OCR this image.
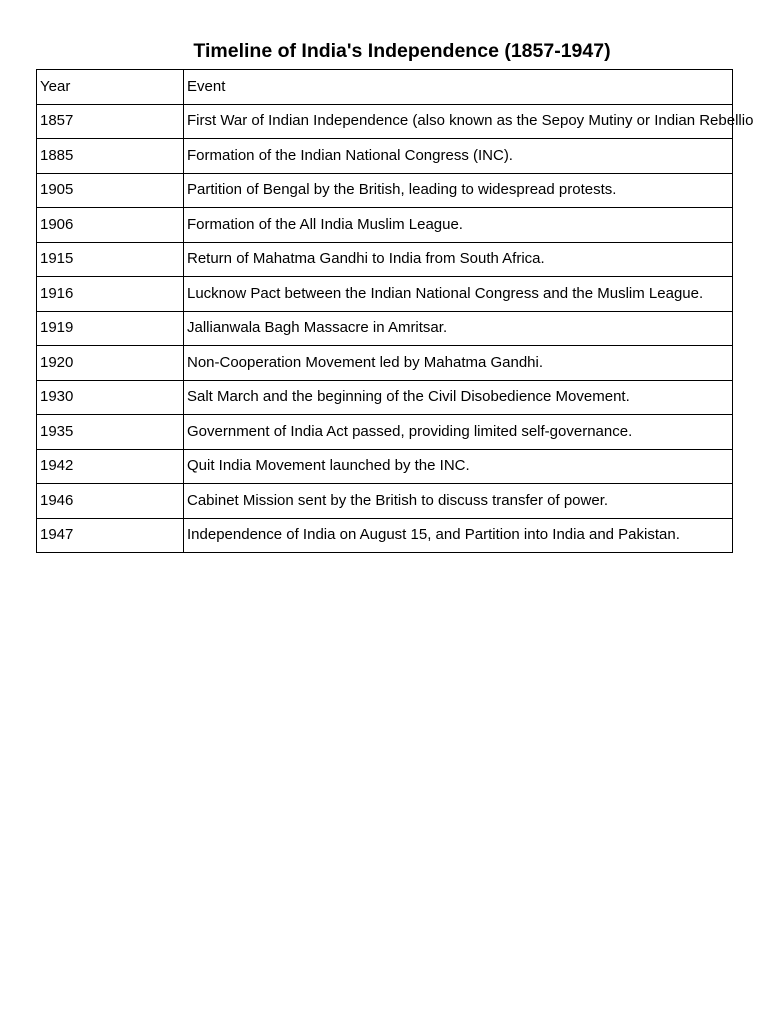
Timeline of India's Independence (1857-1947)
Year	Event
1857	First War of Indian Independence (also known as the Sepoy Mutiny or Indian Rebellio
1885	Formation of the Indian National Congress (INC).
1905	Partition of Bengal by the British, leading to widespread protests.
1906	Formation of the All India Muslim League.
1915	Return of Mahatma Gandhi to India from South Africa.
1916	Lucknow Pact between the Indian National Congress and the Muslim League.
1919	Jallianwala Bagh Massacre in Amritsar.
1920	Non-Cooperation Movement led by Mahatma Gandhi.
1930	Salt March and the beginning of the Civil Disobedience Movement.
1935	Government of India Act passed, providing limited self-governance.
1942	Quit India Movement launched by the INC.
1946	Cabinet Mission sent by the British to discuss transfer of power.
1947	Independence of India on August 15, and Partition into India and Pakistan.
